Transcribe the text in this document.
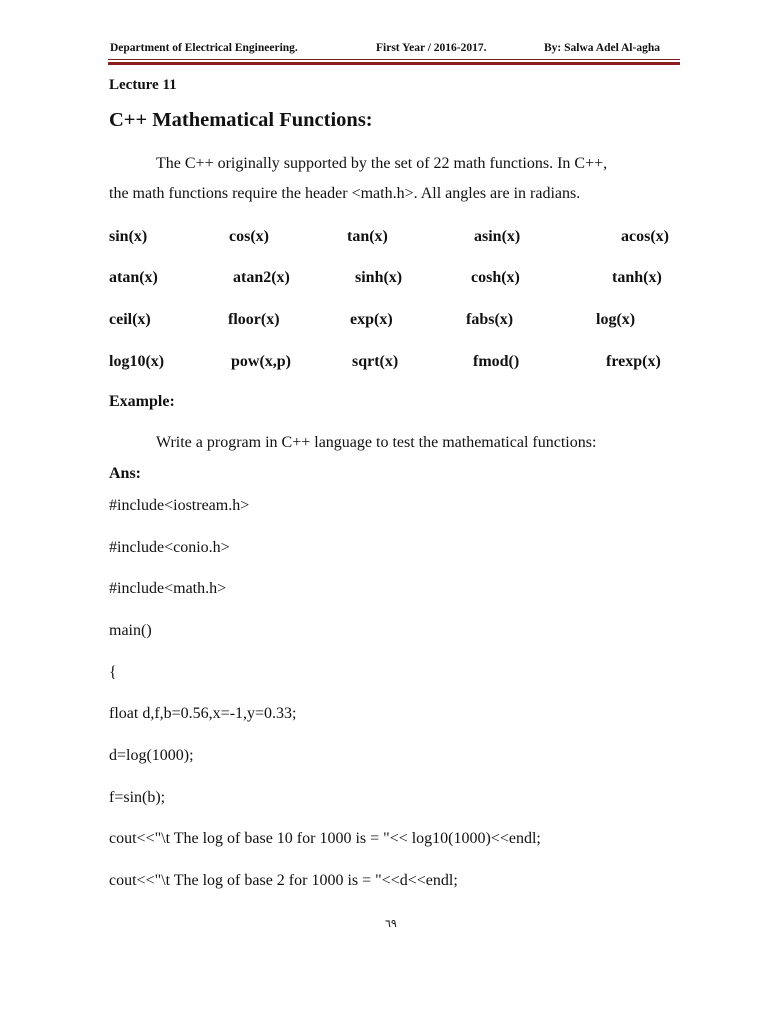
Department of Electrical Engineering.	First Year / 2016-2017.	By: Salwa Adel Al-agha
Lecture 11
C++ Mathematical Functions:
The C++ originally supported by the set of 22 math functions. In C++,
the math functions require the header <math.h>. All angles are in radians.
sin(x)	cos(x)	tan(x)	asin(x)	acos(x)
atan(x)	atan2(x)	sinh(x)	cosh(x)	tanh(x)
ceil(x)	floor(x)	exp(x)	fabs(x)	log(x)
log10(x)	pow(x,p)	sqrt(x)	fmod()	frexp(x)
Example:
Write a program in C++ language to test the mathematical functions:
Ans:
#include<iostream.h>
#include<conio.h>
#include<math.h>
main()
{
float d,f,b=0.56,x=-1,y=0.33;
d=log(1000);
f=sin(b);
cout<<"\t The log of base 10 for 1000 is = "<< log10(1000)<<endl;
cout<<"\t The log of base 2 for 1000 is = "<<d<<endl;
٦٩
